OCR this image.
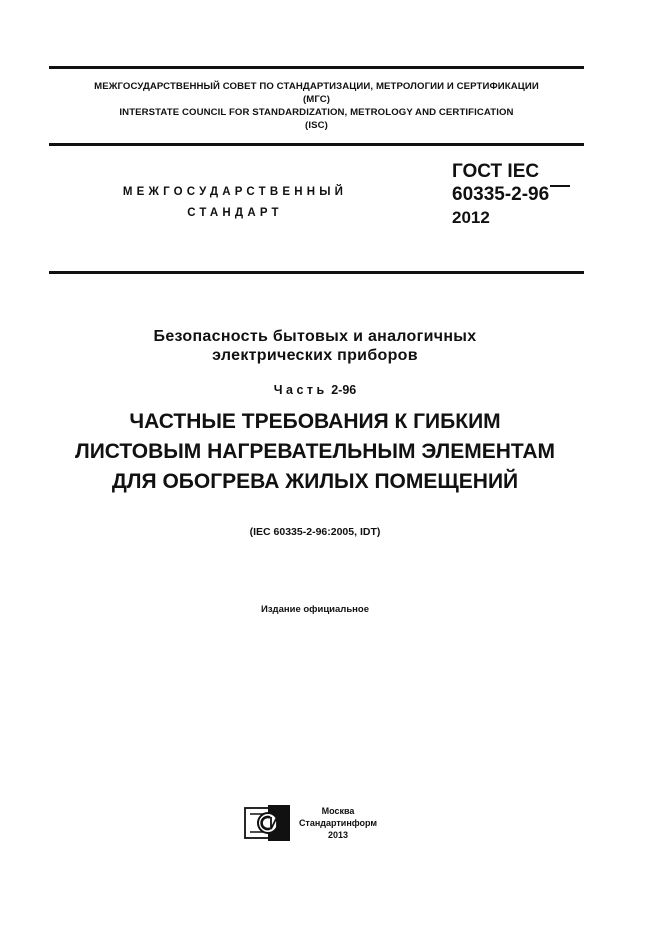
МЕЖГОСУДАРСТВЕННЫЙ СОВЕТ ПО СТАНДАРТИЗАЦИИ, МЕТРОЛОГИИ И СЕРТИФИКАЦИИ
(МГС)
INTERSTATE COUNCIL FOR STANDARDIZATION, METROLOGY AND CERTIFICATION
(ISC)
МЕЖГОСУДАРСТВЕННЫЙ
СТАНДАРТ
ГОСТ IEC
60335-2-96
2012
Безопасность бытовых и аналогичных
электрических приборов
Часть 2-96
ЧАСТНЫЕ ТРЕБОВАНИЯ К ГИБКИМ
ЛИСТОВЫМ НАГРЕВАТЕЛЬНЫМ ЭЛЕМЕНТАМ
ДЛЯ ОБОГРЕВА ЖИЛЫХ ПОМЕЩЕНИЙ
(IEC 60335-2-96:2005, IDT)
Издание официальное
Москва
Стандартинформ
2013
